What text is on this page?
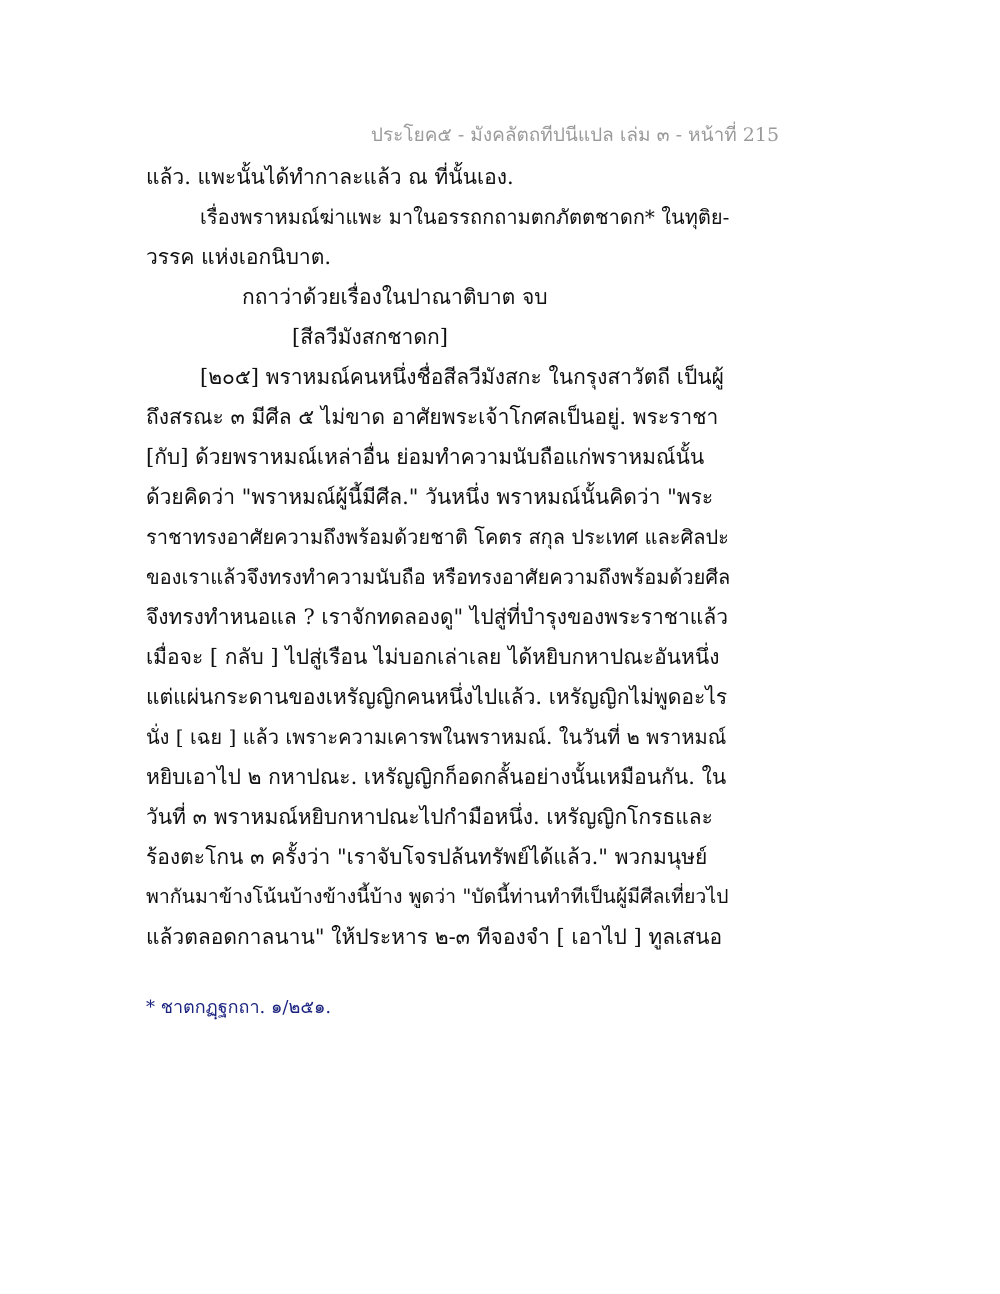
ประโยค๕ - มังคลัตถทีปนีแปล เล่ม ๓ - หน้าที่ 215
แล้ว. แพะนั้นได้ทำกาละแล้ว ณ ที่นั้นเอง.
เรื่องพราหมณ์ฆ่าแพะ มาในอรรถกถามตกภัตตชาดก* ในทุติย-
วรรค แห่งเอกนิบาต.
กถาว่าด้วยเรื่องในปาณาติบาต จบ
[สีลวีมังสกชาดก]
[๒๐๕] พราหมณ์คนหนึ่งชื่อสีลวีมังสกะ ในกรุงสาวัตถี เป็นผู้
ถึงสรณะ ๓ มีศีล ๕ ไม่ขาด อาศัยพระเจ้าโกศลเป็นอยู่. พระราชา
[กับ] ด้วยพราหมณ์เหล่าอื่น ย่อมทำความนับถือแก่พราหมณ์นั้น
ด้วยคิดว่า "พราหมณ์ผู้นี้มีศีล." วันหนึ่ง พราหมณ์นั้นคิดว่า "พระ
ราชาทรงอาศัยความถึงพร้อมด้วยชาติ โคตร สกุล ประเทศ และศิลปะ
ของเราแล้วจึงทรงทำความนับถือ หรือทรงอาศัยความถึงพร้อมด้วยศีล
จึงทรงทำหนอแล ? เราจักทดลองดู" ไปสู่ที่บำรุงของพระราชาแล้ว
เมื่อจะ [ กลับ ] ไปสู่เรือน ไม่บอกเล่าเลย ได้หยิบกหาปณะอันหนึ่ง
แต่แผ่นกระดานของเหรัญญิกคนหนึ่งไปแล้ว. เหรัญญิกไม่พูดอะไร
นั่ง [ เฉย ] แล้ว เพราะความเคารพในพราหมณ์. ในวันที่ ๒ พราหมณ์
หยิบเอาไป ๒ กหาปณะ. เหรัญญิกก็อดกลั้นอย่างนั้นเหมือนกัน. ใน
วันที่ ๓ พราหมณ์หยิบกหาปณะไปกำมือหนึ่ง. เหรัญญิกโกรธและ
ร้องตะโกน ๓ ครั้งว่า "เราจับโจรปล้นทรัพย์ได้แล้ว." พวกมนุษย์
พากันมาข้างโน้นบ้างข้างนี้บ้าง พูดว่า "บัดนี้ท่านทำทีเป็นผู้มีศีลเที่ยวไป
แล้วตลอดกาลนาน" ให้ประหาร ๒-๓ ทีจองจำ [ เอาไป ] ทูลเสนอ
* ชาตกฏฺฐกถา. ๑/๒๕๑.
